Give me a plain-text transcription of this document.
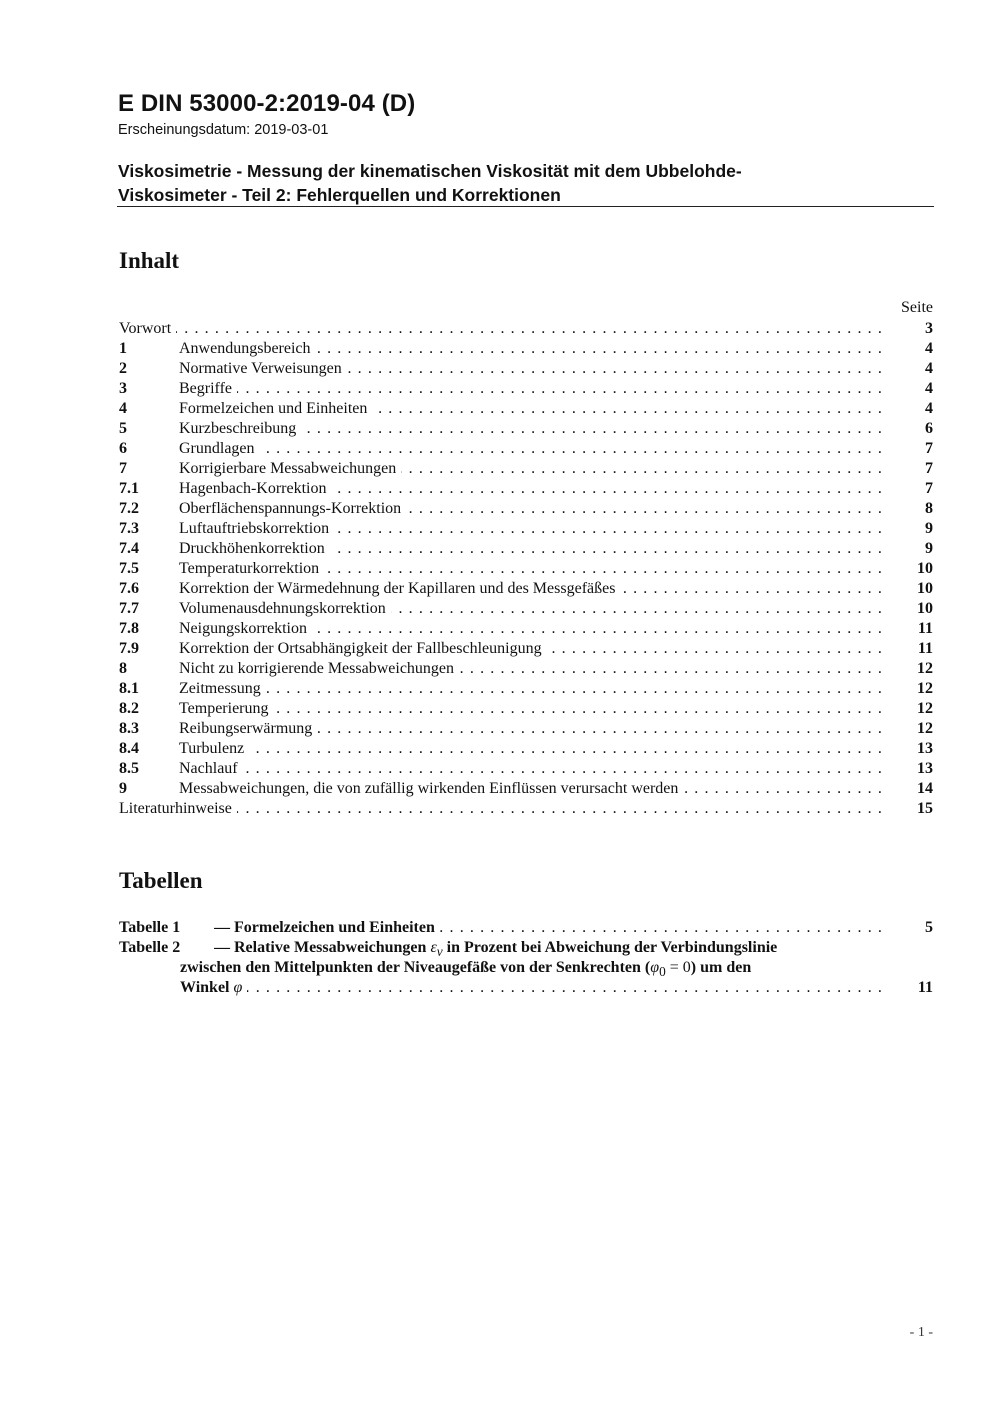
E DIN 53000-2:2019-04 (D)
Erscheinungsdatum: 2019-03-01
Viskosimetrie - Messung der kinematischen Viskosität mit dem Ubbelohde-
Viskosimeter - Teil 2: Fehlerquellen und Korrektionen
Inhalt
Seite
Vorwort . . .	3
1	Anwendungsbereich . . .	4
2	Normative Verweisungen . . .	4
3	Begriffe . . .	4
4	Formelzeichen und Einheiten . . .	4
5	Kurzbeschreibung . . .	6
6	Grundlagen . . .	7
7	Korrigierbare Messabweichungen . . .	7
7.1	Hagenbach-Korrektion . . .	7
7.2	Oberflächenspannungs-Korrektion . . .	8
7.3	Luftauftriebskorrektion . . .	9
7.4	Druckhöhenkorrektion . . .	9
7.5	Temperaturkorrektion . . .	10
7.6	Korrektion der Wärmedehnung der Kapillaren und des Messgefäßes . . .	10
7.7	Volumenausdehnungskorrektion . . .	10
7.8	Neigungskorrektion . . .	11
7.9	Korrektion der Ortsabhängigkeit der Fallbeschleunigung . . .	11
8	Nicht zu korrigierende Messabweichungen . . .	12
8.1	Zeitmessung . . .	12
8.2	Temperierung . . .	12
8.3	Reibungserwärmung . . .	12
8.4	Turbulenz . . .	13
8.5	Nachlauf . . .	13
9	Messabweichungen, die von zufällig wirkenden Einflüssen verursacht werden . . .	14
Literaturhinweise . . .	15
Tabellen
Tabelle 1 — Formelzeichen und Einheiten . . .	5
Tabelle 2 — Relative Messabweichungen $\varepsilon_v$ in Prozent bei Abweichung der Verbindungslinie
zwischen den Mittelpunkten der Niveaugefäße von der Senkrechten $(\varphi_0 = 0)$ um den
Winkel φ . . .	11
- 1 -
